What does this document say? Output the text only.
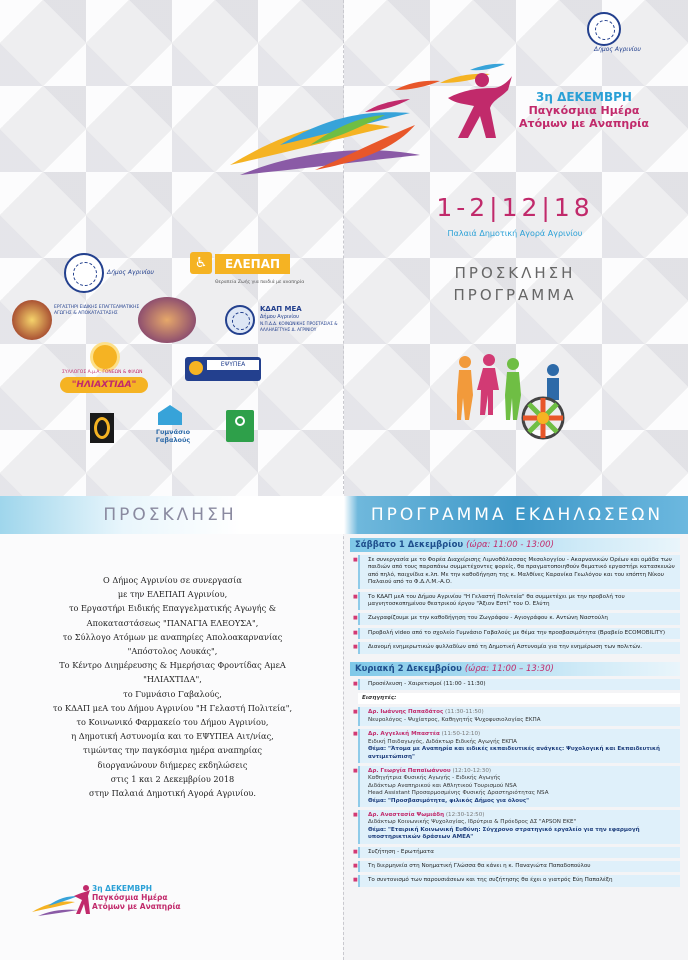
Δήμος Αγρινίου
3η ΔΕΚΕΜΒΡΗ
Παγκόσμια Ημέρα
Ατόμων με Αναπηρία
1-2|12|18
Παλαιά Δημοτική Αγορά Αγρινίου
ΠΡΟΣΚΛΗΣΗ
ΠΡΟΓΡΑΜΜΑ
Δήμος Αγρινίου
♿	ΕΛΕΠΑΠ
Θεραπεία Ζωής για παιδιά με αναπηρία
ΕΡΓΑΣΤΗΡΙ ΕΙΔΙΚΗΣ ΕΠΑΓΓΕΛΜΑΤΙΚΗΣ ΑΓΩΓΗΣ & ΑΠΟΚΑΤΑΣΤΑΣΗΣ
ΚΔΑΠ ΜΕΑ
Δήμου Αγρινίου
Ν.Π.Δ.Δ. ΚΟΙΝΩΝΙΚΗΣ ΠΡΟΣΤΑΣΙΑΣ & ΑΛΛΗΛΕΓΓΥΗΣ Δ. ΑΓΡΙΝΙΟΥ
ΣΥΛΛΟΓΟΣ Α.μ.Α. ΓΟΝΕΩΝ & ΦΙΛΩΝ
"ΗΛΙΑΧΤΙΔΑ"
ΕΨΥΠΕΑ
Γυμνάσιο Γαβαλούς
ΠΡΟΣΚΛΗΣΗ	ΠΡΟΓΡΑΜΜΑ ΕΚΔΗΛΩΣΕΩΝ
Ο Δήμος Αγρινίου σε συνεργασία
με την ΕΛΕΠΑΠ Αγρινίου,
το Εργαστήρι Ειδικής Επαγγελματικής Αγωγής &
Αποκαταστάσεως "ΠΑΝΑΓΙΑ ΕΛΕΟΥΣΑ",
το Σύλλογο Ατόμων με αναπηρίες Απολοακαρνανίας
"Απόστολος Λουκάς",
Το Κέντρο Διημέρευσης & Ημερήσιας Φροντίδας ΑμεΑ
"ΗΛΙΑΧΤΙΔΑ",
το Γυμνάσιο Γαβαλούς,
το ΚΔΑΠ μεΑ του Δήμου Αγρινίου "Η Γελαστή Πολιτεία",
το Κοινωνικό Φαρμακείο του Δήμου Αγρινίου,
η Δημοτική Αστυνομία και το ΕΨΥΠΕΑ Αιτ/νίας,
τιμώντας την παγκόσμια ημέρα αναπηρίας
διοργανώνουν διήμερες εκδηλώσεις
στις 1 και 2 Δεκεμβρίου 2018
στην Παλαιά Δημοτική Αγορά Αγρινίου.
3η ΔΕΚΕΜΒΡΗ
Παγκόσμια Ημέρα
Ατόμων με Αναπηρία
Σάββατο 1 Δεκεμβρίου (ώρα: 11:00 - 13:00)
■ Σε συνεργασία με το Φορέα Διαχείρισης Λιμνοθάλασσας Μεσολογγίου - Ακαρνανικών Ορέων και ομάδα των παιδιών από τους παραπάνω συμμετέχοντες φορείς, θα πραγματοποιηθούν θεματικό εργαστήρι κατασκευών από πηλό, παιχνίδια κ.λπ. Με την καθοδήγηση της κ. Μαλθίνες Καρανίκα Γεωλόγου και του επόπτη Νίκου Παλαιού από το Φ.Δ.Λ.Μ.-Α.Ο.
■ Το ΚΔΑΠ μεΑ του Δήμου Αγρινίου "Η Γελαστή Πολιτεία" θα συμμετέχει με την προβολή του μαγνητοσκοπημένου θεατρικού έργου "Άξιον Εστί" του Ο. Ελύτη
■ Ζωγραφίζουμε με την καθοδήγηση του Ζωγράφου - Αγιογράφου κ. Αντώνη Ναστούλη
■ Προβολή video από το σχολείο Γυμνάσιο Γαβαλούς με θέμα την προσβασιμότητα (Βραβείο ECOMOBILITY)
■ Διανομή ενημερωτικών φυλλαδίων από τη Δημοτική Αστυνομία για την ενημέρωση των πολιτών.
Κυριακή 2 Δεκεμβρίου (ώρα: 11:00 – 13:30)
■ Προσέλευση - Χαιρετισμοί (11:00 - 11:30)
Εισηγητές:
■ Δρ. Ιωάννης Παπαδάτος (11:30-11:50)
Νευρολόγος - Ψυχίατρος, Καθηγητής Ψυχοφυσιολογίας ΕΚΠΑ
■ Δρ. Αγγελική Μπαστέα (11:50-12:10)
Ειδική Παιδαγωγός, Διδάκτωρ Ειδικής Αγωγής ΕΚΠΑ
Θέμα: "Άτομα με Αναπηρία και ειδικές εκπαιδευτικές ανάγκες: Ψυχολογική και Εκπαιδευτική αντιμετώπιση"
■ Δρ. Γεωργία Παπαϊωάννου (12:10-12:30)
Καθηγήτρια Φυσικής Αγωγής - Ειδικής Αγωγής
Διδάκτωρ Αναπηρικού και Αθλητικού Τουρισμού NSA
Head Assistant Προσαρμοσμένης Φυσικής Δραστηριότητας NSA
Θέμα: "Προσβασιμότητα, φιλικός Δήμος για όλους"
■ Δρ. Αναστασία Ψωμιάδη (12:30-12:50)
Διδάκτωρ Κοινωνικής Ψυχολογίας, Ιδρύτρια & Πρόεδρος ΔΣ "APSON ΕΚΕ"
Θέμα: "Εταιρική Κοινωνική Ευθύνη: Σύγχρονο στρατηγικό εργαλείο για την εφαρμογή υποστηρικτικών δράσεων ΑΜΕΑ"
■ Συζήτηση - Ερωτήματα
■ Τη διερμηνεία στη Νοηματική Γλώσσα θα κάνει η κ. Παναγιώτα Παπαδοπούλου
■ Το συντονισμό των παρουσιάσεων και της συζήτησης θα έχει ο γιατρός Εύη Παπαλέξη
